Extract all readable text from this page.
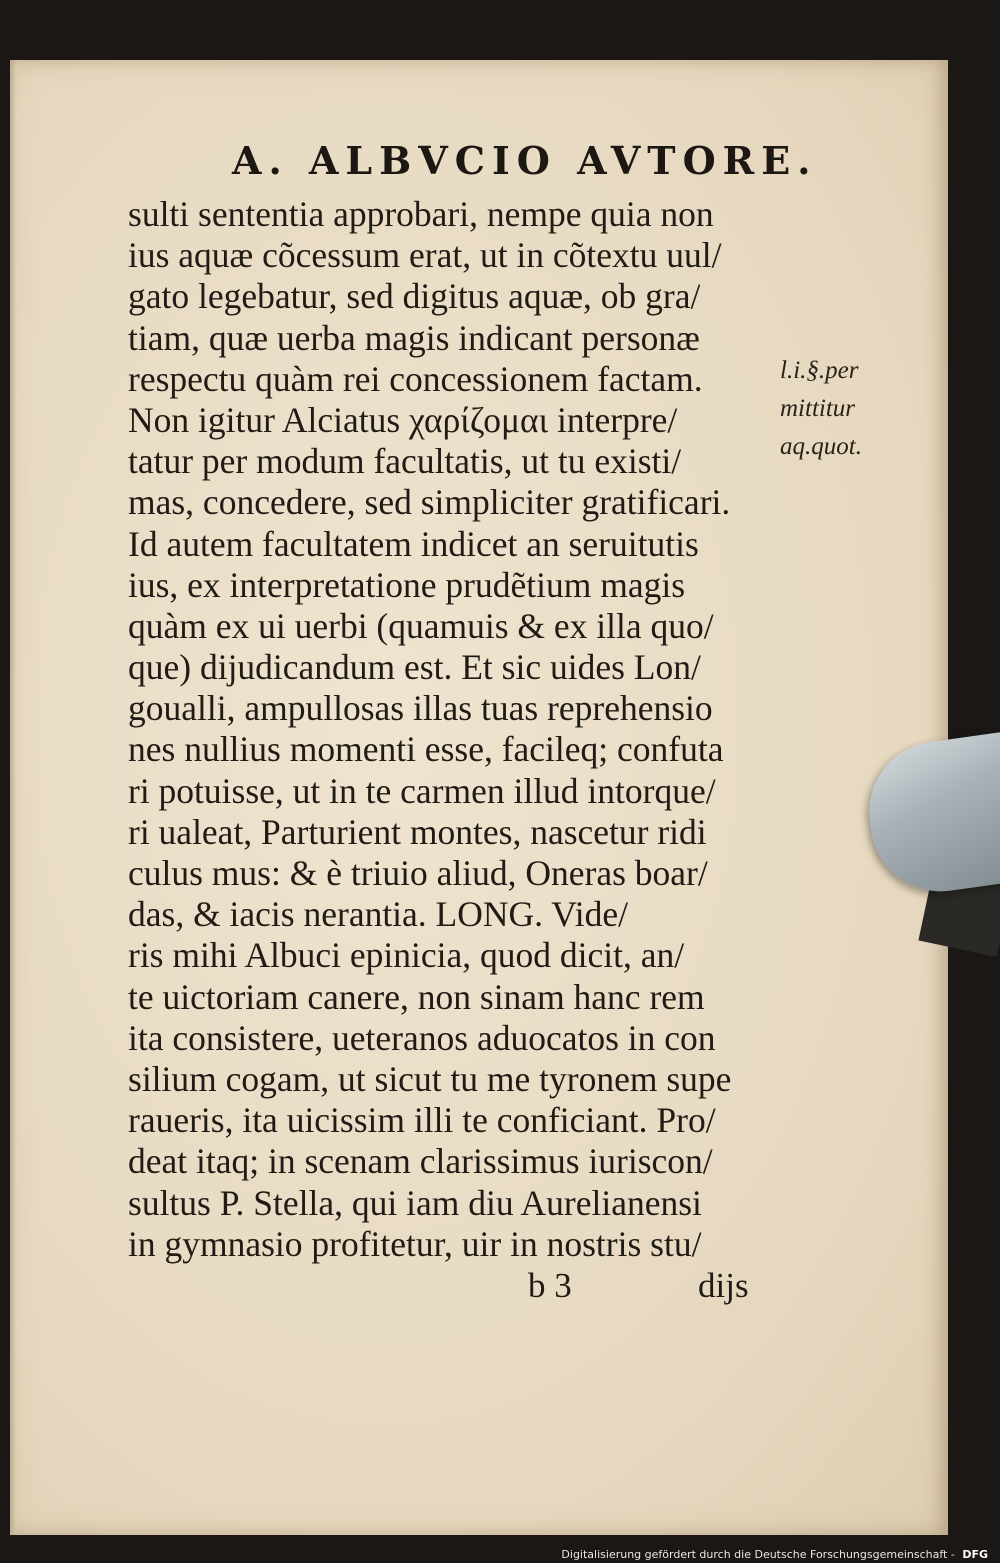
A. ALBVCIO AVTORE.
sulti sententia approbari, nempe quia non
ius aquæ cõcessum erat, ut in cõtextu uul/
gato legebatur, sed digitus aquæ, ob gra/
tiam, quæ uerba magis indicant personæ
respectu quàm rei concessionem factam.
Non igitur Alciatus χαρίζομαι interpre/
tatur per modum facultatis, ut tu existi/
mas, concedere, sed simpliciter gratificari.
Id autem facultatem indicet an seruitutis
ius, ex interpretatione prudẽtium magis
quàm ex ui uerbi (quamuis & ex illa quo/
que) dijudicandum est. Et sic uides Lon/
goualli, ampullosas illas tuas reprehensio
nes nullius momenti esse, facileq; confuta
ri potuisse, ut in te carmen illud intorque/
ri ualeat, Parturient montes, nascetur ridi
culus mus: & è triuio aliud, Oneras boar/
das, & iacis nerantia. LONG. Vide/
ris mihi Albuci epinicia, quod dicit, an/
te uictoriam canere, non sinam hanc rem
ita consistere, ueteranos aduocatos in con
silium cogam, ut sicut tu me tyronem supe
raueris, ita uicissim illi te conficiant. Pro/
deat itaq; in scenam clarissimus iuriscon/
sultus P. Stella, qui iam diu Aurelianensi
in gymnasio profitetur, uir in nostris stu/
l.i.§.per
mittitur
aq.quot.
b 3	dijs
Digitalisierung gefördert durch die Deutsche Forschungsgemeinschaft - DFG
